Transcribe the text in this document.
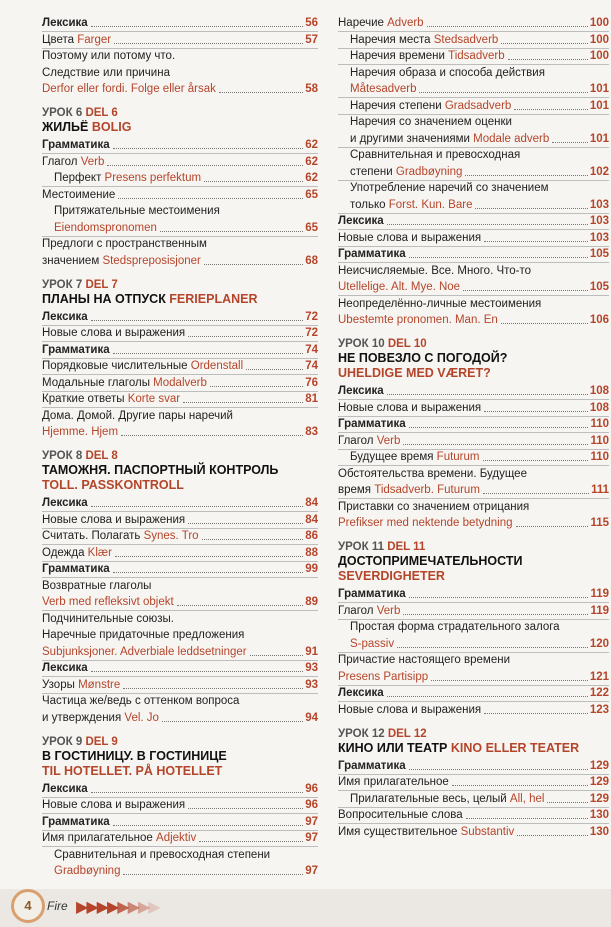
Лексика	56
Цвета Farger	57
Поэтому или потому что.
Следствие или причина
Derfor eller fordi. Folge eller årsak	58
УРОК 6 DEL 6
ЖИЛЬЁ BOLIG
Грамматика	62
Глагол Verb	62
Перфект Presens perfektum	62
Местоимение	65
Притяжательные местоимения
Eiendomspronomen	65
Предлоги с пространственным
значением Stedspreposisjoner	68
УРОК 7 DEL 7
ПЛАНЫ НА ОТПУСК FERIEPLANER
Лексика	72
Новые слова и выражения	72
Грамматика	74
Порядковые числительные Ordenstall	74
Модальные глаголы Modalverb	76
Краткие ответы Korte svar	81
Дома. Домой. Другие пары наречий
Hjemme. Hjem	83
УРОК 8 DEL 8
ТАМОЖНЯ. ПАСПОРТНЫЙ КОНТРОЛЬ
TOLL. PASSKONTROLL
Лексика	84
Новые слова и выражения	84
Считать. Полагать Synes. Tro	86
Одежда Klær	88
Грамматика	99
Возвратные глаголы
Verb med refleksivt objekt	89
Подчинительные союзы.
Наречные придаточные предложения
Subjunksjoner. Adverbiale leddsetninger	91
Лексика	93
Узоры Mønstre	93
Частица же/ведь с оттенком вопроса
и утверждения Vel. Jo	94
УРОК 9 DEL 9
В ГОСТИНИЦУ. В ГОСТИНИЦЕ
TIL HOTELLET. PÅ HOTELLET
Лексика	96
Новые слова и выражения	96
Грамматика	97
Имя прилагательное Adjektiv	97
Сравнительная и превосходная степени
Gradbøyning	97
Наречие Adverb	100
Наречия места Stedsadverb	100
Наречия времени Tidsadverb	100
Наречия образа и способа действия
Måtesadverb	101
Наречия степени Gradsadverb	101
Наречия со значением оценки
и другими значениями Modale adverb	101
Сравнительная и превосходная
степени Gradbøyning	102
Употребление наречий со значением
только Forst. Kun. Bare	103
Лексика	103
Новые слова и выражения	103
Грамматика	105
Неисчисляемые. Все. Много. Что-то
Utellelige. Alt. Mye. Noe	105
Неопределённо-личные местоимения
Ubestemte pronomen. Man. En	106
УРОК 10 DEL 10
НЕ ПОВЕЗЛО С ПОГОДОЙ?
UHELDIGE MED VÆRET?
Лексика	108
Новые слова и выражения	108
Грамматика	110
Глагол Verb	110
Будущее время Futurum	110
Обстоятельства времени. Будущее
время Tidsadverb. Futurum	111
Приставки со значением отрицания
Prefikser med nektende betydning	115
УРОК 11 DEL 11
ДОСТОПРИМЕЧАТЕЛЬНОСТИ
SEVERDIGHETER
Грамматика	119
Глагол Verb	119
Простая форма страдательного залога
S-passiv	120
Причастие настоящего времени
Presens Partisipp	121
Лексика	122
Новые слова и выражения	123
УРОК 12 DEL 12
КИНО ИЛИ ТЕАТР KINO ELLER TEATER
Грамматика	129
Имя прилагательное	129
Прилагательные весь, целый All, hel	129
Вопросительные слова	130
Имя существительное Substantiv	130
4	Fire ▶▶▶▶▶▶▶▶
